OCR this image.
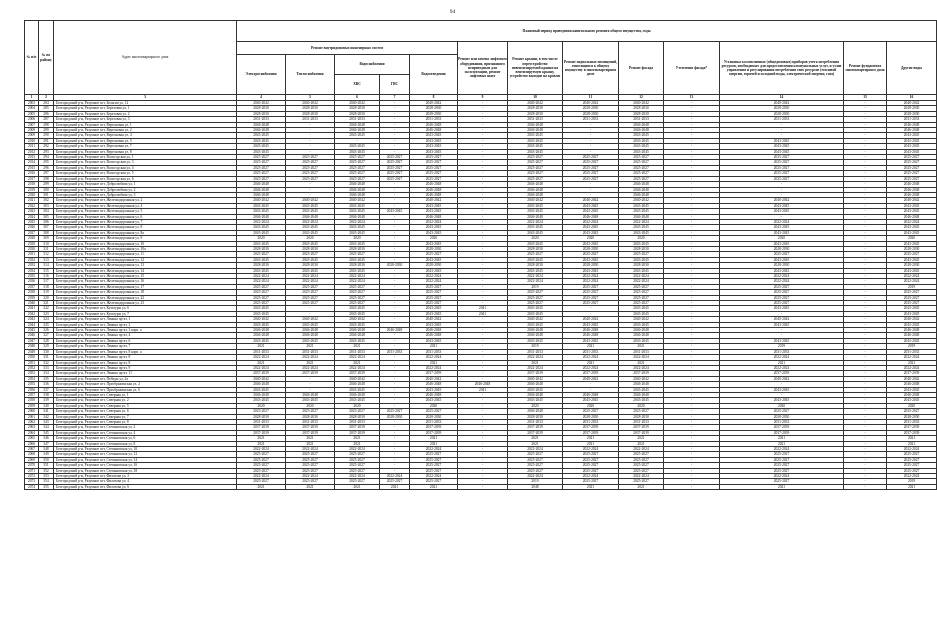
94
№ п/п	№ по району	Адрес многоквартирного дома	Плановый период проведения капитального ремонта общего имущества, годы												
			Ремонт внутридомовых инженерных систем					Ремонт или замена лифтового оборудования, признанного непригодным для эксплуатации, ремонт лифтовых шахт	Ремонт крыши, в том числе переустройство невентилируемой крыши на вентилируемую крышу, устройство выходов на кровлю	Ремонт подвальных помещений, относящихся к общему имуществу в многоквартирном доме	Ремонт фасада	Утепление фасада*	Установка коллективных (общедомовых) приборов учета потребления ресурсов, необходимых для предоставления коммунальных услуг, и узлов управления и регулирования потребления этих ресурсов (тепловой энергии, горячей и холодной воды, электрической энергии, газа)	Ремонт фундамента многоквартирного дома	Другие виды
			Электроснабжения	Теплоснабжения	Водоснабжения		Водоотведения								
					ХВС	ГВС									
1	2	3	4	5	6	7	8	9	10	11	12	13	14	15	16
2003	284	Белгородский р-н, Разумное пгт, Бельгия ул, 12	2040-2042	2040-2042	2040-2042	-	2040-2042	-	2040-2042	2040-2042	2040-2042	-	2040-2042	-	2040-2042
2004	285	Белгородский р-н, Разумное пгт, Березовая ул, 1	2028-2030	2028-2030	2028-2030	-	2028-2030	-	2028-2030	2028-2030	2028-2030	-	2028-2030	-	2028-2030
2005	286	Белгородский р-н, Разумное пгт, Березовая ул, 2	2028-2030	2028-2030	2028-2030	-	2028-2030	-	2028-2030	2028-2030	2028-2030	-	2028-2030	-	2028-2030
2006	287	Белгородский р-н, Разумное пгт, Березовая ул, 3	2031-2033	2031-2033	2031-2033	-	2031-2033	-	2031-2033	2031-2033	2031-2033	-	2031-2033	-	2031-2033
2007	288	Белгородский р-н, Разумное пгт, Вересковая ул, 1	2046-2048	-	2046-2048	-	2046-2048	-	2046-2048	-	2046-2048	-	-	-	2046-2048
2008	289	Белгородский р-н, Разумное пгт, Вересковая ул, 2	2046-2048	-	2046-2048	-	2046-2048	-	2046-2048	-	2046-2048	-	-	-	2046-2048
2009	290	Белгородский р-н, Разумное пгт, Вересковая ул, 4	2043-2045	-	2043-2045	-	2043-2045	-	2043-2045	-	2043-2045	-	-	-	2043-2045
2010	291	Белгородский р-н, Разумное пгт, Вересковая ул, 5	2043-2045	-	-	-	2043-2045	-	2043-2045	-	2043-2045	-	2043-2045	-	2043-2045
2011	292	Белгородский р-н, Разумное пгт, Вересковая ул, 7	2043-2045	-	2043-2045	-	2043-2045	-	2043-2045	-	2043-2045	-	2043-2045	-	2043-2045
2012	293	Белгородский р-н, Разумное пгт, Вересковая ул, 8	2043-2045	-	2043-2045	-	2043-2045	-	2043-2045	-	2043-2045	-	2043-2045	-	2043-2045
2013	294	Белгородский р-н, Разумное пгт, Вологодская ул, 1	2025-2027	2025-2027	2025-2027	2025-2027	2025-2027	-	2025-2027	2025-2027	2025-2027	-	2025-2027	-	2025-2027
2014	295	Белгородский р-н, Разумное пгт, Вологодская ул, 3	2025-2027	2025-2027	2025-2027	2025-2027	2025-2027	-	2025-2027	2025-2027	2025-2027	-	2025-2027	-	2025-2027
2015	296	Белгородский р-н, Разумное пгт, Вологодская ул, 4	2025-2027	2025-2027	2025-2027	2025-2027	2025-2027	-	2025-2027	2025-2027	2025-2027	-	2025-2027	-	2025-2027
2016	297	Белгородский р-н, Разумное пгт, Вологодская ул, 5	2025-2027	2025-2027	2025-2027	2025-2027	2025-2027	-	2025-2027	2025-2027	2025-2027	-	2025-2027	-	2025-2027
2017	298	Белгородский р-н, Разумное пгт, Вологодская ул, 6	2025-2027	2025-2027	2025-2027	2025-2027	2025-2027	-	2025-2027	2025-2027	2025-2027	-	2025-2027	-	2025-2027
2018	299	Белгородский р-н, Разумное пгт, Добролюбова ул, 1	2046-2048	-	2046-2048	-	2046-2048	-	2046-2048	-	2046-2048	-	-	-	2046-2048
2019	300	Белгородский р-н, Разумное пгт, Добролюбова ул, 2	2046-2048	-	2046-2048	-	2046-2048	-	2046-2048	-	2046-2048	-	-	-	2046-2048
2020	301	Белгородский р-н, Разумное пгт, Добролюбова ул, 3	2046-2048	-	2046-2048	-	2046-2048	-	2046-2048	-	2046-2048	-	-	-	2046-2048
2021	302	Белгородский р-н, Разумное пгт, Железнодорожная ул, 2	2040-2042	2040-2042	2040-2042	-	2040-2042	-	2040-2042	2040-2042	2040-2042	-	2040-2042	-	2040-2042
2022	303	Белгородский р-н, Разумное пгт, Железнодорожная ул, 4	2043-2045	2043-2045	2043-2045	-	2043-2045	-	2043-2045	2043-2045	2043-2045	-	2043-2045	-	2043-2045
2023	304	Белгородский р-н, Разумное пгт, Железнодорожная ул, 5	2043-2045	2043-2045	2043-2045	2043-2045	2043-2045	-	2043-2045	2043-2045	2043-2045	-	2043-2045	-	2043-2045
2024	305	Белгородский р-н, Разумное пгт, Железнодорожная ул, 6	2046-2048	2046-2048	2046-2048	-	2046-2048	-	2046-2048	2046-2048	2046-2048	-	-	-	2046-2048
2025	306	Белгородский р-н, Разумное пгт, Железнодорожная ул, 7	2022-2024	2022-2024	2022-2024	-	2022-2024	-	2022-2024	2022-2024	2022-2024	-	2022-2024	-	2022-2024
2026	307	Белгородский р-н, Разумное пгт, Железнодорожная ул, 8	2043-2045	2043-2045	2043-2045	-	2043-2045	-	2043-2045	2043-2045	2043-2045	-	2043-2045	-	2043-2045
2027	308	Белгородский р-н, Разумное пгт, Железнодорожная ул, 8а	2043-2045	2043-2045	2043-2045	-	2043-2045	-	2043-2045	2043-2045	2043-2045	-	2043-2045	-	2043-2045
2028	309	Белгородский р-н, Разумное пгт, Железнодорожная ул, 9	2020	2020	2020	-	2020	-	2020	2020	2020	-	2020	-	2020
2029	310	Белгородский р-н, Разумное пгт, Железнодорожная ул, 10	2043-2045	2043-2045	2043-2045	-	2043-2045	-	2043-2045	2043-2045	2043-2045	-	2043-2045	-	2043-2045
2030	311	Белгородский р-н, Разумное пгт, Железнодорожная ул, 10а	2028-2030	2028-2030	2028-2030	-	2028-2030	-	2028-2030	2028-2030	2028-2030	-	2028-2030	-	2028-2030
2031	312	Белгородский р-н, Разумное пгт, Железнодорожная ул, 11	2025-2027	2025-2027	2025-2027	-	2025-2027	-	2025-2027	2025-2027	2025-2027	-	2025-2027	-	2025-2027
2032	313	Белгородский р-н, Разумное пгт, Железнодорожная ул, 12	2043-2045	2043-2045	2043-2045	-	2043-2045	-	2043-2045	2043-2045	2043-2045	-	2043-2045	-	2043-2045
2033	314	Белгородский р-н, Разумное пгт, Железнодорожная ул, 13	2028-2030	2028-2030	2028-2030	2028-2030	2028-2030	-	2028-2030	2028-2030	2028-2030	-	2028-2030	-	2028-2030
2034	315	Белгородский р-н, Разумное пгт, Железнодорожная ул, 14	2043-2045	2043-2045	2043-2045	-	2043-2045	-	2043-2045	2043-2045	2043-2045	-	2043-2045	-	2043-2045
2035	316	Белгородский р-н, Разумное пгт, Железнодорожная ул, 15	2022-2024	2022-2024	2022-2024	-	2022-2024	-	2022-2024	2022-2024	2022-2024	-	2022-2024	-	2022-2024
2036	317	Белгородский р-н, Разумное пгт, Железнодорожная ул, 16	2022-2024	2022-2024	2022-2024	-	2022-2024	-	2022-2024	2022-2024	2022-2024	-	2022-2024	-	2022-2024
2037	318	Белгородский р-н, Разумное пгт, Железнодорожная ул, 17	2025-2027	2025-2027	2025-2027	-	2025-2027	-	2019	2025-2027	2025-2027	-	2025-2027	-	2019
2038	319	Белгородский р-н, Разумное пгт, Железнодорожная ул, 18	2025-2027	2025-2027	2025-2027	-	2025-2027	-	2025-2027	2025-2027	2025-2027	-	2025-2027	-	2025-2027
2039	320	Белгородский р-н, Разумное пгт, Железнодорожная ул, 22	2025-2027	2025-2027	2025-2027	-	2025-2027	-	2025-2027	2025-2027	2025-2027	-	2025-2027	-	2025-2027
2040	321	Белгородский р-н, Разумное пгт, Железнодорожная ул, 23	2025-2027	2025-2027	2025-2027	-	2025-2027	-	2025-2027	2025-2027	2025-2027	-	2025-2027	-	2025-2027
2041	322	Белгородский р-н, Разумное пгт, Культуры ул, 6	2043-2045	-	2043-2045	-	2043-2045	2041	2043-2045	-	2043-2045	-	2043-2045	-	2043-2045
2042	323	Белгородский р-н, Разумное пгт, Культуры ул, 7	2043-2045	-	2043-2045	-	2043-2045	2041	2043-2045	-	2043-2045	-	-	-	2043-2045
2043	324	Белгородский р-н, Разумное пгт, Ленина пр-кт, 1	2040-2042	2040-2042	2040-2042	-	2040-2042	-	2040-2042	2040-2042	2040-2042	-	2040-2042	-	2040-2042
2044	325	Белгородский р-н, Разумное пгт, Ленина пр-кт, 2	2043-2045	2043-2045	2043-2045	-	2043-2045	-	2043-2045	2043-2045	2043-2045	-	2043-2045	-	2043-2045
2045	326	Белгородский р-н, Разумное пгт, Ленина пр-кт, 3 корп. а	2046-2048	2046-2048	2046-2048	2046-2048	2046-2048	-	2046-2048	2046-2048	2046-2048	-	-	-	2046-2048
2046	327	Белгородский р-н, Разумное пгт, Ленина пр-кт, 4	2046-2048	2046-2048	2046-2048	-	2046-2048	-	2046-2048	2046-2048	2046-2048	-	-	-	2046-2048
2047	328	Белгородский р-н, Разумное пгт, Ленина пр-кт, 6	2043-2045	2043-2045	2043-2045	-	2043-2045	-	2043-2045	2043-2045	2043-2045	-	2043-2045	-	2043-2045
2048	329	Белгородский р-н, Разумное пгт, Ленина пр-кт, 7	2021	2021	2021	-	2021	-	2019	2021	2021	-	2019	-	2019
2049	330	Белгородский р-н, Разумное пгт, Ленина пр-кт, 8 корп. а	2031-2033	2031-2033	2031-2033	2031-2033	2031-2033	-	2031-2033	2031-2033	2031-2033	-	2031-2033	-	2031-2033
2050	331	Белгородский р-н, Разумное пгт, Ленина пр-кт, 8	2022-2024	2022-2024	2022-2024	-	2022-2024	-	2022-2024	2022-2024	2022-2024	-	2022-2024	-	2022-2024
2051	332	Белгородский р-н, Разумное пгт, Ленина пр-кт, 8	2021	2021	2021	-	2021	-	2021	2021	2021	-	2021	-	2021
2052	333	Белгородский р-н, Разумное пгт, Ленина пр-кт, 9	2022-2024	2022-2024	2022-2024	-	2022-2024	-	2022-2024	2022-2024	2022-2024	-	2022-2024	-	2022-2024
2053	334	Белгородский р-н, Разумное пгт, Ленина пр-кт, 11	2037-2039	2037-2039	2037-2039	-	2037-2039	-	2037-2039	2037-2039	2037-2039	-	2037-2039	-	2037-2039
2054	335	Белгородский р-н, Разумное пгт, Победы ул, 2а	2040-2042	-	2040-2042	-	2040-2042	-	2040-2042	2040-2042	2040-2042	-	2040-2042	-	2040-2042
2055	336	Белгородский р-н, Разумное пгт, Преображенская ул, 2	2046-2048	-	2046-2048	-	2046-2048	2046-2048	2046-2048	-	2046-2048	-	-	-	2046-2048
2056	337	Белгородский р-н, Разумное пгт, Преображенская ул, 6	2043-2045	-	2043-2045	-	2043-2045	2041	2043-2045	-	2043-2045	-	2043-2045	-	2043-2045
2057	338	Белгородский р-н, Разумное пгт, Северная ул, 1	2046-2048	2046-2048	2046-2048	-	2046-2048	-	2046-2048	2046-2048	2046-2048	-	-	-	2046-2048
2058	339	Белгородский р-н, Разумное пгт, Северная ул, 2	2043-2045	2043-2045	2043-2045	-	2043-2045	-	2043-2045	2043-2045	2043-2045	-	2043-2045	-	2043-2045
2059	340	Белгородский р-н, Разумное пгт, Северная ул, 5	2020	2020	2020	-	2020	-	2020	2020	2020	-	2020	-	2020
2060	341	Белгородский р-н, Разумное пгт, Северная ул, 6	2025-2027	2025-2027	2025-2027	2025-2027	2025-2027	-	2046-2048	2025-2027	2025-2027	-	2025-2027	-	2025-2027
2061	342	Белгородский р-н, Разумное пгт, Северная ул, 7	2028-2030	2028-2030	2028-2030	2028-2030	2028-2030	-	2028-2030	2028-2030	2028-2030	-	2028-2030	-	2028-2030
2062	343	Белгородский р-н, Разумное пгт, Северная ул, 8	2031-2033	2031-2033	2031-2033	-	2031-2033	-	2031-2033	2031-2033	2031-2033	-	2031-2033	-	2031-2033
2063	344	Белгородский р-н, Разумное пгт, Степановская ул, 2	2037-2039	2037-2039	2037-2039	-	2037-2039	-	2037-2039	2037-2039	2037-2039	-	2037-2039	-	2037-2039
2064	345	Белгородский р-н, Разумное пгт, Степановская ул, 4	2037-2039	2037-2039	2037-2039	-	2037-2039	-	2037-2039	2037-2039	2037-2039	-	2037-2039	-	2037-2039
2065	346	Белгородский р-н, Разумное пгт, Степановская ул, 6	2021	2021	2021	-	2021	-	2021	2021	2021	-	2021	-	2021
2066	347	Белгородский р-н, Разумное пгт, Степановская ул, 8	2021	2021	2021	-	2021	-	2021	2021	2021	-	2021	-	2021
2067	348	Белгородский р-н, Разумное пгт, Степановская ул, 10	2022-2024	2022-2024	2022-2024	-	2022-2024	-	2022-2024	2022-2024	2022-2024	-	2022-2024	-	2022-2024
2068	349	Белгородский р-н, Разумное пгт, Степановская ул, 12	2025-2027	2025-2027	2025-2027	-	2025-2027	-	2025-2027	2025-2027	2025-2027	-	2025-2027	-	2025-2027
2069	350	Белгородский р-н, Разумное пгт, Степановская ул, 14	2025-2027	2025-2027	2025-2027	-	2025-2027	-	2025-2027	2025-2027	2025-2027	-	2025-2027	-	2025-2027
2070	351	Белгородский р-н, Разумное пгт, Степановская ул, 16	2025-2027	2025-2027	2025-2027	-	2025-2027	-	2025-2027	2025-2027	2025-2027	-	2025-2027	-	2025-2027
2071	352	Белгородский р-н, Разумное пгт, Степановская ул, 18	2025-2027	2025-2027	2025-2027	-	2025-2027	-	2025-2027	2025-2027	2025-2027	-	2025-2027	-	2025-2027
2072	353	Белгородский р-н, Разумное пгт, Филатова ул, 2	2022-2024	2022-2024	2022-2024	2022-2024	2022-2024	-	2022-2024	2022-2024	2022-2024	-	2022-2024	-	2022-2024
2073	354	Белгородский р-н, Разумное пгт, Филатова ул, 4	2025-2027	2025-2027	2025-2027	2025-2027	2025-2027	-	2019	2025-2027	2025-2027	-	2025-2027	-	2019
2074	355	Белгородский р-н, Разумное пгт, Филатова ул, 6	2021	2021	2021	2021	2021	-	2048	2021	2021	-	2021	-	2021
